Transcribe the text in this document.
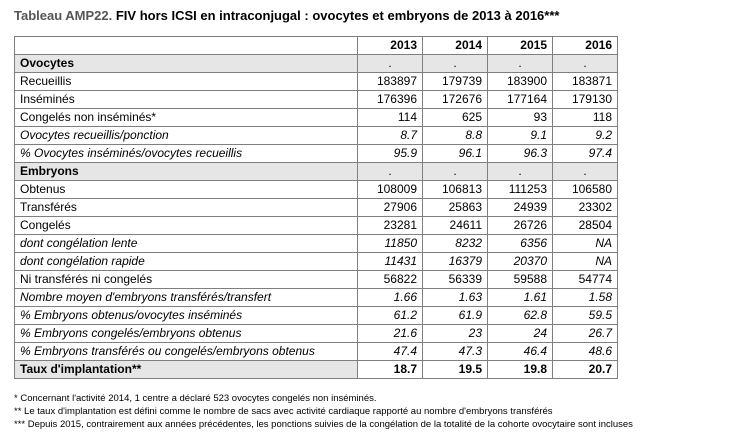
Tableau AMP22. FIV hors ICSI en intraconjugal : ovocytes et embryons de 2013 à 2016***
	2013	2014	2015	2016
Ovocytes	.	.	.	.
Recueillis	183897	179739	183900	183871
Inséminés	176396	172676	177164	179130
Congelés non inséminés*	114	625	93	118
Ovocytes recueillis/ponction	8.7	8.8	9.1	9.2
% Ovocytes inséminés/ovocytes recueillis	95.9	96.1	96.3	97.4
Embryons	.	.	.	.
Obtenus	108009	106813	111253	106580
Transférés	27906	25863	24939	23302
Congelés	23281	24611	26726	28504
dont congélation lente	11850	8232	6356	NA
dont congélation rapide	11431	16379	20370	NA
Ni transférés ni congelés	56822	56339	59588	54774
Nombre moyen d'embryons transférés/transfert	1.66	1.63	1.61	1.58
% Embryons obtenus/ovocytes inséminés	61.2	61.9	62.8	59.5
% Embryons congelés/embryons obtenus	21.6	23	24	26.7
% Embryons transférés ou congelés/embryons obtenus	47.4	47.3	46.4	48.6
Taux d'implantation**	18.7	19.5	19.8	20.7
* Concernant l'activité 2014, 1 centre a déclaré 523 ovocytes congelés non inséminés.
** Le taux d'implantation est défini comme le nombre de sacs avec activité cardiaque rapporté au nombre d'embryons transférés
*** Depuis 2015, contrairement aux années précédentes, les ponctions suivies de la congélation de la totalité de la cohorte ovocytaire sont incluses
